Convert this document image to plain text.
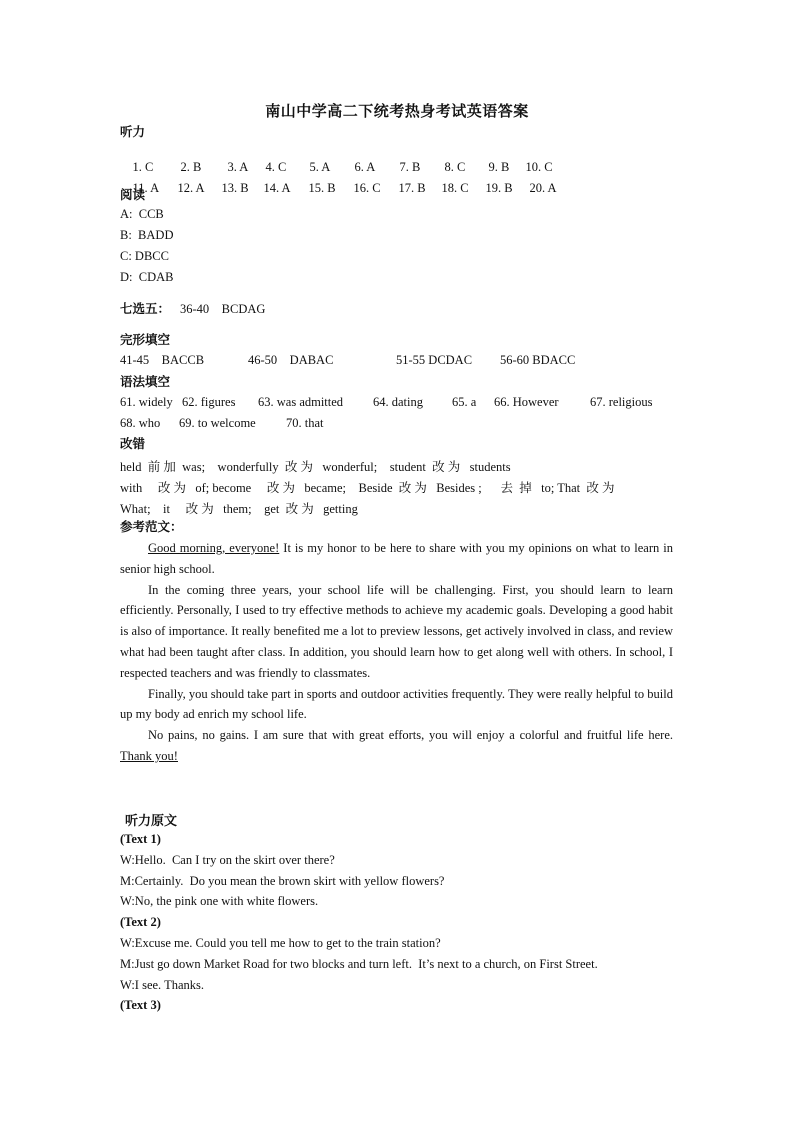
南山中学高二下统考热身考试英语答案
听力

1. C 2. B 3. A 4. C 5. A 6. A 7. B 8. C 9. B 10. C

11. A 12. A 13. B 14. A 15. B 16. C 17. B 18. C 19. B 20. A

阅读
A:  CCB
B:  BADD
C: DBCC
D:  CDAB
七选五： 36-40    BCDAG
完形填空
41-45    BACCB	46-50    DABAC	51-55 DCDAC 56-60 BDACC
语法填空
61. widely 62. figures 63. was admitted 64. dating 65. a 66. However	67. religious
68. who 69. to welcome 70. that
改错
held  前 加  was;    wonderfully  改 为   wonderful;    student  改 为   students
with     改 为   of; become     改 为   became;    Beside  改 为   Besides ;      去  掉   to; That  改 为
What;    it     改 为   them;    get  改 为   getting
参考范文：

Good morning, everyone! It is my honor to be here to share with you my opinions on what to learn in senior high school.

In the coming three years, your school life will be challenging. First, you should learn to learn efficiently. Personally, I used to try effective methods to achieve my academic goals. Developing a good habit is also of importance. It really benefited me a lot to preview lessons, get actively involved in class, and review what had been taught after class. In addition, you should learn how to get along well with others. In school, I respected teachers and was friendly to classmates.

Finally, you should take part in sports and outdoor activities frequently. They were really helpful to build up my body ad enrich my school life.

No pains, no gains. I am sure that with great efforts, you will enjoy a colorful and fruitful life here. Thank you!

听力原文
(Text 1)
W:Hello.  Can I try on the skirt over there?
M:Certainly.  Do you mean the brown skirt with yellow flowers?
W:No, the pink one with white flowers.
(Text 2)
W:Excuse me. Could you tell me how to get to the train station?
M:Just go down Market Road for two blocks and turn left.  It’s next to a church, on First Street.
W:I see. Thanks.
(Text 3)
